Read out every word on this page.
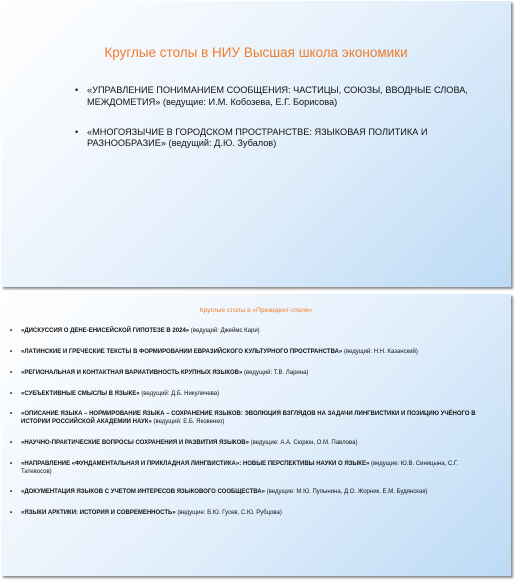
Круглые столы в НИУ Высшая школа экономики
• «УПРАВЛЕНИЕ ПОНИМАНИЕМ СООБЩЕНИЯ: ЧАСТИЦЫ, СОЮЗЫ, ВВОДНЫЕ СЛОВА, МЕЖДОМЕТИЯ» (ведущие: И.М. Кобозева, Е.Г. Борисова)
• «МНОГОЯЗЫЧИЕ В ГОРОДСКОМ ПРОСТРАНСТВЕ: ЯЗЫКОВАЯ ПОЛИТИКА И РАЗНООБРАЗИЕ» (ведущий: Д.Ю. Зубалов)
Круглые столы в «Президент-отеле»
• «ДИСКУССИЯ О ДЕНЕ-ЕНИСЕЙСКОЙ ГИПОТЕЗЕ В 2024» (ведущий: Джеймс Кари)
• «ЛАТИНСКИЕ И ГРЕЧЕСКИЕ ТЕКСТЫ В ФОРМИРОВАНИИ ЕВРАЗИЙСКОГО КУЛЬТУРНОГО ПРОСТРАНСТВА» (ведущий: Н.Н. Казанский)
• «РЕГИОНАЛЬНАЯ И КОНТАКТНАЯ ВАРИАТИВНОСТЬ КРУПНЫХ ЯЗЫКОВ» (ведущий: Т.В. Ларина)
• «СУБЪЕКТИВНЫЕ СМЫСЛЫ В ЯЗЫКЕ» (ведущий: Д.Б. Никуличева)
• «ОПИСАНИЕ ЯЗЫКА – НОРМИРОВАНИЕ ЯЗЫКА – СОХРАНЕНИЕ ЯЗЫКОВ: ЭВОЛЮЦИЯ ВЗГЛЯДОВ НА ЗАДАЧИ ЛИНГВИСТИКИ И ПОЗИЦИЮ УЧЁНОГО В ИСТОРИИ РОССИЙСКОЙ АКАДЕМИИ НАУК» (ведущий: Е.Б. Яковенко)
• «НАУЧНО-ПРАКТИЧЕСКИЕ ВОПРОСЫ СОХРАНЕНИЯ И РАЗВИТИЯ ЯЗЫКОВ» (ведущие: А.А. Сюрюн, О.М. Павлова)
• «НАПРАВЛЕНИЕ «ФУНДАМЕНТАЛЬНАЯ И ПРИКЛАДНАЯ ЛИНГВИСТИКА»: НОВЫЕ ПЕРСПЕКТИВЫ НАУКИ О ЯЗЫКЕ» (ведущие: Ю.В. Синицына, С.Г. Татевосов)
• «ДОКУМЕНТАЦИЯ ЯЗЫКОВ С УЧЕТОМ ИНТЕРЕСОВ ЯЗЫКОВОГО СООБЩЕСТВА» (ведущие: М.Ю. Пупынина, Д.О. Жорник, Е.М. Будянская)
• «ЯЗЫКИ АРКТИКИ: ИСТОРИЯ И СОВРЕМЕННОСТЬ» (ведущие: В.Ю. Гусев, С.Ю. Рубцова)
